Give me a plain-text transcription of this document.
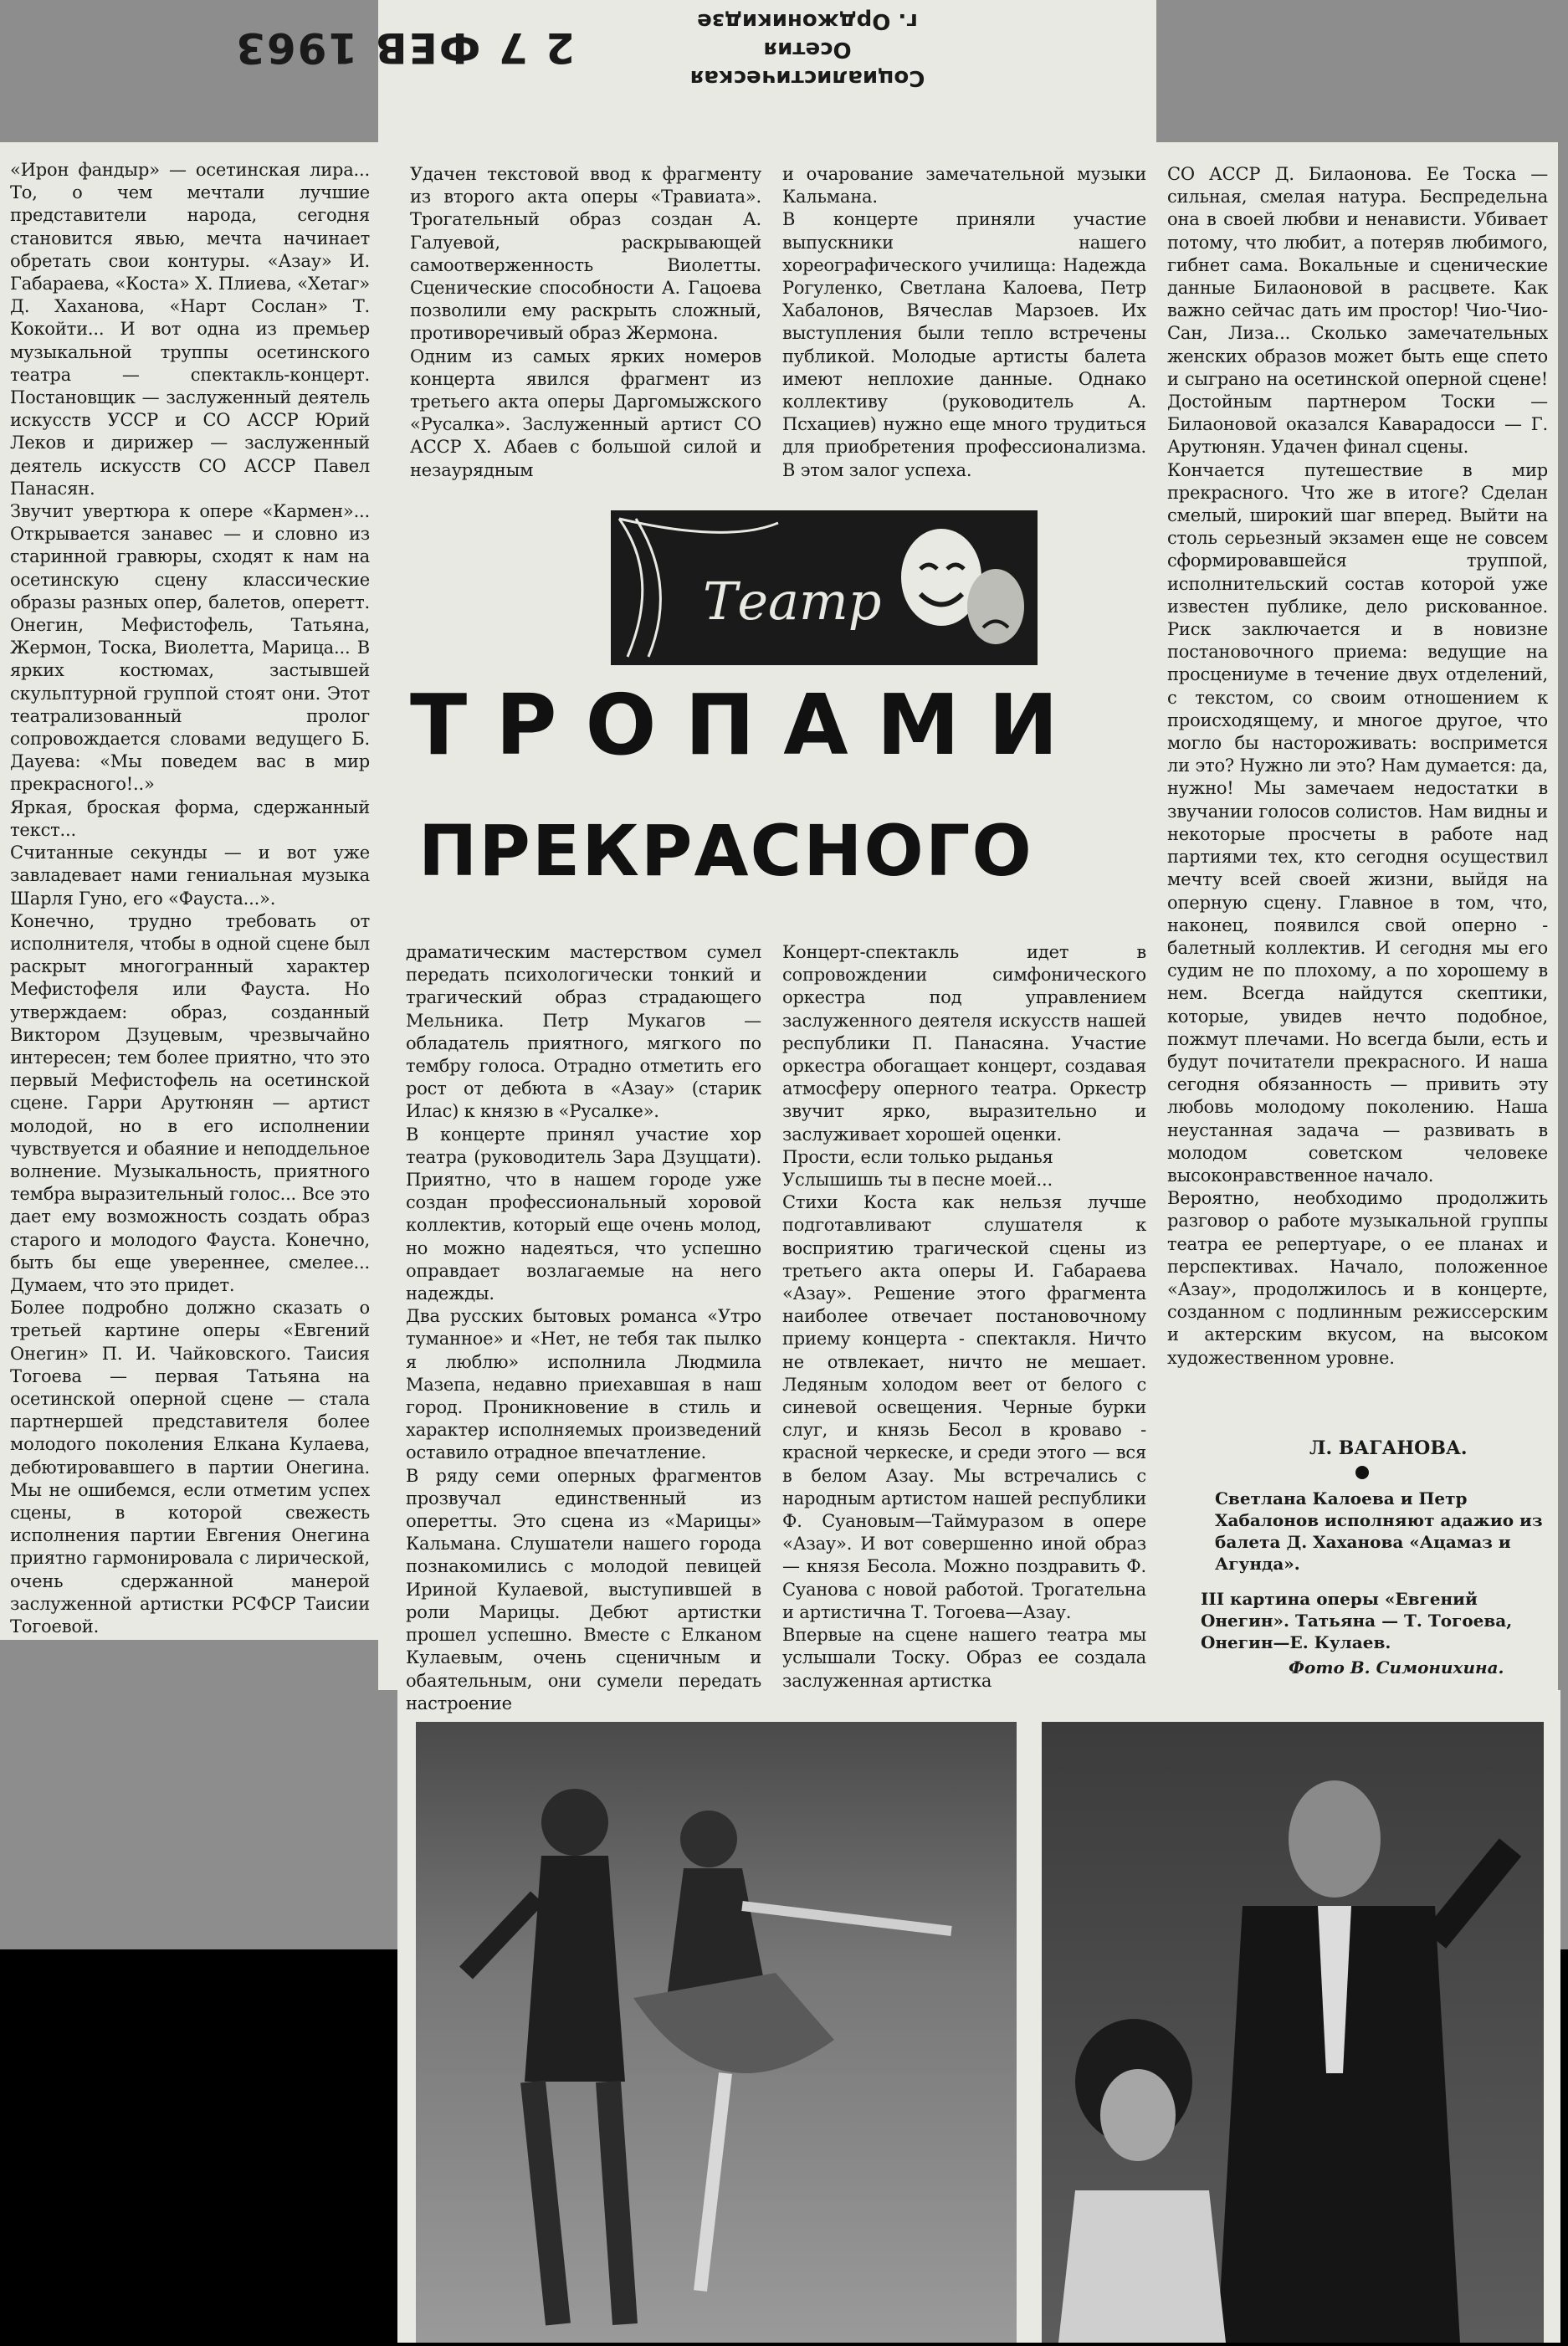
2 7 ФЕВ 1963
Социалистическая Осетия
г. Орджоникидзе
«Ирон фандыр» — осетинская лира... То, о чем мечтали лучшие представители народа, сегодня становится явью, мечта начинает обретать свои контуры. «Азау» И. Габараева, «Коста» Х. Плиева, «Хетаг» Д. Хаханова, «Нарт Сослан» Т. Кокойти... И вот одна из премьер музыкальной труппы осетинского театра — спектакль-концерт. Постановщик — заслуженный деятель искусств УССР и СО АССР Юрий Леков и дирижер — заслуженный деятель искусств СО АССР Павел Панасян.
Звучит увертюра к опере «Кармен»... Открывается занавес — и словно из старинной гравюры, сходят к нам на осетинскую сцену классические образы разных опер, балетов, оперетт. Онегин, Мефистофель, Татьяна, Жермон, Тоска, Виолетта, Марица... В ярких костюмах, застывшей скульптурной группой стоят они. Этот театрализованный пролог сопровождается словами ведущего Б. Дауева: «Мы поведем вас в мир прекрасного!..»
Яркая, броская форма, сдержанный текст...
Считанные секунды — и вот уже завладевает нами гениальная музыка Шарля Гуно, его «Фауста...».
Конечно, трудно требовать от исполнителя, чтобы в одной сцене был раскрыт многогранный характер Мефистофеля или Фауста. Но утверждаем: образ, созданный Виктором Дзуцевым, чрезвычайно интересен; тем более приятно, что это первый Мефистофель на осетинской сцене. Гарри Арутюнян — артист молодой, но в его исполнении чувствуется и обаяние и неподдельное волнение. Музыкальность, приятного тембра выразительный голос... Все это дает ему возможность создать образ старого и молодого Фауста. Конечно, быть бы еще увереннее, смелее... Думаем, что это придет.
Более подробно должно сказать о третьей картине оперы «Евгений Онегин» П. И. Чайковского. Таисия Тогоева — первая Татьяна на осетинской оперной сцене — стала партнершей представителя более молодого поколения Елкана Кулаева, дебютировавшего в партии Онегина. Мы не ошибемся, если отметим успех сцены, в которой свежесть исполнения партии Евгения Онегина приятно гармонировала с лирической, очень сдержанной манерой заслуженной артистки РСФСР Таисии Тогоевой.
Удачен текстовой ввод к фрагменту из второго акта оперы «Травиата». Трогательный образ создан А. Галуевой, раскрывающей самоотверженность Виолетты. Сценические способности А. Гацоева позволили ему раскрыть сложный, противоречивый образ Жермона.
Одним из самых ярких номеров концерта явился фрагмент из третьего акта оперы Даргомыжского «Русалка». Заслуженный артист СО АССР Х. Абаев с большой силой и незаурядным
и очарование замечательной музыки Кальмана.
В концерте приняли участие выпускники нашего хореографического училища: Надежда Рогуленко, Светлана Калоева, Петр Хабалонов, Вячеслав Марзоев. Их выступления были тепло встречены публикой. Молодые артисты балета имеют неплохие данные. Однако коллективу (руководитель А. Псхациев) нужно еще много трудиться для приобретения профессионализма. В этом залог успеха.
Театр
ТРОПАМИ
ПРЕКРАСНОГО
драматическим мастерством сумел передать психологически тонкий и трагический образ страдающего Мельника. Петр Мукагов — обладатель приятного, мягкого по тембру голоса. Отрадно отметить его рост от дебюта в «Азау» (старик Илас) к князю в «Русалке».
В концерте принял участие хор театра (руководитель Зара Дзуццати). Приятно, что в нашем городе уже создан профессиональный хоровой коллектив, который еще очень молод, но можно надеяться, что успешно оправдает возлагаемые на него надежды.
Два русских бытовых романса «Утро туманное» и «Нет, не тебя так пылко я люблю» исполнила Людмила Мазепа, недавно приехавшая в наш город. Проникновение в стиль и характер исполняемых произведений оставило отрадное впечатление.
В ряду семи оперных фрагментов прозвучал единственный из оперетты. Это сцена из «Марицы» Кальмана. Слушатели нашего города познакомились с молодой певицей Ириной Кулаевой, выступившей в роли Марицы. Дебют артистки прошел успешно. Вместе с Елканом Кулаевым, очень сценичным и обаятельным, они сумели передать настроение
Концерт-спектакль идет в сопровождении симфонического оркестра под управлением заслуженного деятеля искусств нашей республики П. Панасяна. Участие оркестра обогащает концерт, создавая атмосферу оперного театра. Оркестр звучит ярко, выразительно и заслуживает хорошей оценки.
Прости, если только рыданья
Услышишь ты в песне моей...
Стихи Коста как нельзя лучше подготавливают слушателя к восприятию трагической сцены из третьего акта оперы И. Габараева «Азау». Решение этого фрагмента наиболее отвечает постановочному приему концерта - спектакля. Ничто не отвлекает, ничто не мешает. Ледяным холодом веет от белого с синевой освещения. Черные бурки слуг, и князь Бесол в кроваво - красной черкеске, и среди этого — вся в белом Азау. Мы встречались с народным артистом нашей республики Ф. Суановым—Таймуразом в опере «Азау». И вот совершенно иной образ — князя Бесола. Можно поздравить Ф. Суанова с новой работой. Трогательна и артистична Т. Тогоева—Азау.
Впервые на сцене нашего театра мы услышали Тоску. Образ ее создала заслуженная артистка
СО АССР Д. Билаонова. Ее Тоска — сильная, смелая натура. Беспредельна она в своей любви и ненависти. Убивает потому, что любит, а потеряв любимого, гибнет сама. Вокальные и сценические данные Билаоновой в расцвете. Как важно сейчас дать им простор! Чио-Чио-Сан, Лиза... Сколько замечательных женских образов может быть еще спето и сыграно на осетинской оперной сцене! Достойным партнером Тоски — Билаоновой оказался Каварадосси — Г. Арутюнян. Удачен финал сцены.
Кончается путешествие в мир прекрасного. Что же в итоге? Сделан смелый, широкий шаг вперед. Выйти на столь серьезный экзамен еще не совсем сформировавшейся труппой, исполнительский состав которой уже известен публике, дело рискованное. Риск заключается и в новизне постановочного приема: ведущие на просцениуме в течение двух отделений, с текстом, со своим отношением к происходящему, и многое другое, что могло бы настороживать: воспримется ли это? Нужно ли это? Нам думается: да, нужно! Мы замечаем недостатки в звучании голосов солистов. Нам видны и некоторые просчеты в работе над партиями тех, кто сегодня осуществил мечту всей своей жизни, выйдя на оперную сцену. Главное в том, что, наконец, появился свой оперно - балетный коллектив. И сегодня мы его судим не по плохому, а по хорошему в нем. Всегда найдутся скептики, которые, увидев нечто подобное, пожмут плечами. Но всегда были, есть и будут почитатели прекрасного. И наша сегодня обязанность — привить эту любовь молодому поколению. Наша неустанная задача — развивать в молодом советском человеке высоконравственное начало.
Вероятно, необходимо продолжить разговор о работе музыкальной группы театра ее репертуаре, о ее планах и перспективах. Начало, положенное «Азау», продолжилось и в концерте, созданном с подлинным режиссерским и актерским вкусом, на высоком художественном уровне.
Л. ВАГАНОВА.
Светлана Калоева и Петр Хабалонов исполняют адажио из балета Д. Хаханова «Ацамаз и Агунда».
III картина оперы «Евгений Онегин». Татьяна — Т. Тогоева, Онегин—Е. Кулаев.
Фото В. Симонихина.
